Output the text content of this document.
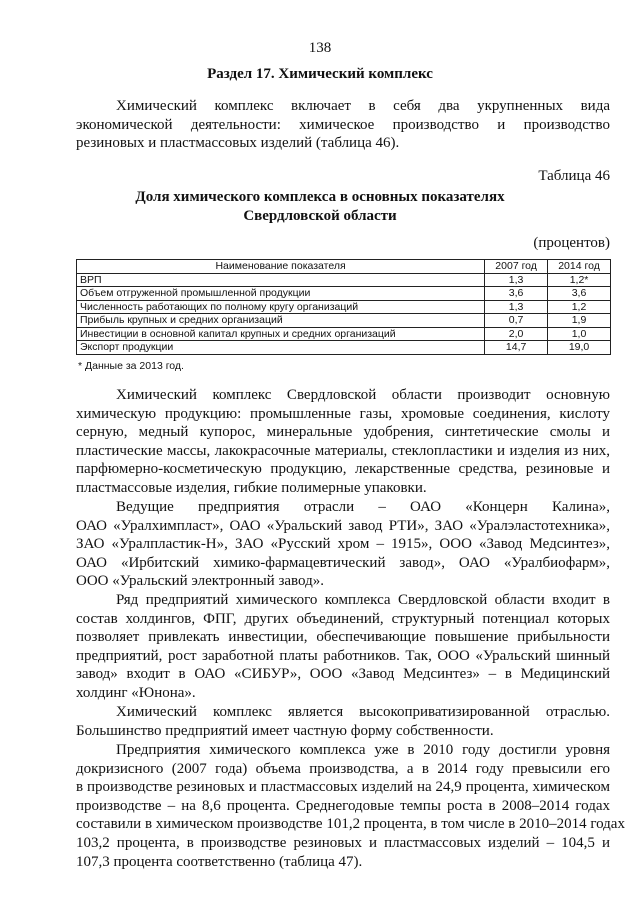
138
Раздел 17. Химический комплекс
Химический комплекс включает в себя два укрупненных вида
экономической деятельности: химическое производство и производство
резиновых и пластмассовых изделий (таблица 46).
Таблица 46
Доля химического комплекса в основных показателях
Свердловской области
(процентов)
Наименование показателя	2007 год	2014 год
ВРП	1,3	1,2*
Объем отгруженной промышленной продукции	3,6	3,6
Численность работающих по полному кругу организаций	1,3	1,2
Прибыль крупных и средних организаций	0,7	1,9
Инвестиции в основной капитал крупных и средних организаций	2,0	1,0
Экспорт продукции	14,7	19,0
* Данные за 2013 год.
Химический комплекс Свердловской области производит основную
химическую продукцию: промышленные газы, хромовые соединения, кислоту
серную, медный купорос, минеральные удобрения, синтетические смолы и
пластические массы, лакокрасочные материалы, стеклопластики и изделия из них,
парфюмерно-косметическую продукцию, лекарственные средства, резиновые и
пластмассовые изделия, гибкие полимерные упаковки.
Ведущие предприятия отрасли – ОАО «Концерн Калина»,
ОАО «Уралхимпласт», ОАО «Уральский завод РТИ», ЗАО «Уралэластотехника»,
ЗАО «Уралпластик-Н», ЗАО «Русский хром – 1915», ООО «Завод Медсинтез»,
ОАО «Ирбитский химико-фармацевтический завод», ОАО «Уралбиофарм»,
ООО «Уральский электронный завод».
Ряд предприятий химического комплекса Свердловской области входит в
состав холдингов, ФПГ, других объединений, структурный потенциал которых
позволяет привлекать инвестиции, обеспечивающие повышение прибыльности
предприятий, рост заработной платы работников. Так, ООО «Уральский шинный
завод» входит в ОАО «СИБУР», ООО «Завод Медсинтез» – в Медицинский
холдинг «Юнона».
Химический комплекс является высокоприватизированной отраслью.
Большинство предприятий имеет частную форму собственности.
Предприятия химического комплекса уже в 2010 году достигли уровня
докризисного (2007 года) объема производства, а в 2014 году превысили его
в производстве резиновых и пластмассовых изделий на 24,9 процента, химическом
производстве – на 8,6 процента. Среднегодовые темпы роста в 2008–2014 годах
составили в химическом производстве 101,2 процента, в том числе в 2010–2014 годах
103,2 процента, в производстве резиновых и пластмассовых изделий – 104,5 и
107,3 процента соответственно (таблица 47).
